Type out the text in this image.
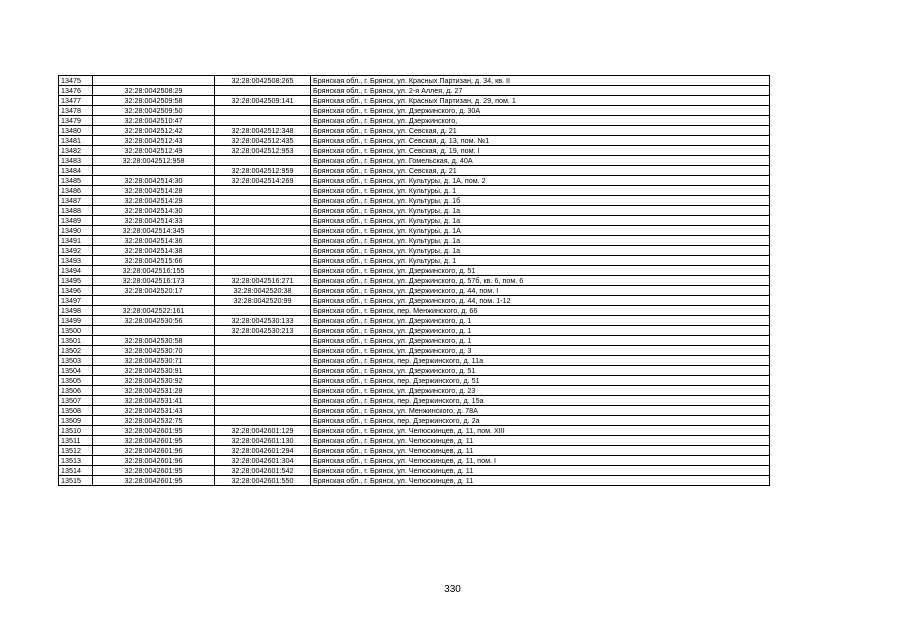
13475		32:28:0042508:265	Брянская обл., г. Брянск, ул. Красных Партизан, д. 34, кв. II
13476	32:28:0042508:29		Брянская обл., г. Брянск, ул. 2-я Аллея, д. 27
13477	32:28:0042509:58	32:28:0042509:141	Брянская обл., г. Брянск, ул. Красных Партизан, д. 29, пом. 1
13478	32:28:0042509:50		Брянская обл., г. Брянск, ул. Дзержинского, д. 30А
13479	32:28:0042510:47		Брянская обл., г. Брянск, ул. Дзержинского,
13480	32:28:0042512:42	32:28:0042512:348	Брянская обл., г. Брянск, ул. Севская, д. 21
13481	32:28:0042512:43	32:28:0042512:435	Брянская обл., г. Брянск, ул. Севская, д. 13, пом. №1
13482	32:28:0042512:49	32:28:0042512:953	Брянская обл., г. Брянск, ул. Севская, д. 19, пом. I
13483	32:28:0042512:958		Брянская обл., г. Брянск, ул. Гомельская, д. 40А
13484		32:28:0042512:959	Брянская обл., г. Брянск, ул. Севская, д. 21
13485	32:28:0042514:30	32:28:0042514:269	Брянская обл., г. Брянск, ул. Культуры, д. 1А, пом. 2
13486	32:28:0042514:28		Брянская обл., г. Брянск, ул. Культуры, д. 1
13487	32:28:0042514:29		Брянская обл., г. Брянск, ул. Культуры, д. 1б
13488	32:28:0042514:30		Брянская обл., г. Брянск, ул. Культуры, д. 1а
13489	32:28:0042514:33		Брянская обл., г. Брянск, ул. Культуры, д. 1а
13490	32:28:0042514:345		Брянская обл., г. Брянск, ул. Культуры, д. 1А
13491	32:28:0042514:36		Брянская обл., г. Брянск, ул. Культуры, д. 1а
13492	32:28:0042514:38		Брянская обл., г. Брянск, ул. Культуры, д. 1а
13493	32:28:0042515:66		Брянская обл., г. Брянск, ул. Культуры, д. 1
13494	32:28:0042516:155		Брянская обл., г. Брянск, ул. Дзержинского, д. 51
13495	32:28:0042516:173	32:28:0042516:271	Брянская обл., г. Брянск, ул. Дзержинского, д. 57б, кв. 6, пом. 6
13496	32:28:0042520:17	32:28:0042520:38	Брянская обл., г. Брянск, ул. Дзержинского, д. 44, пом. I
13497		32:28:0042520:99	Брянская обл., г. Брянск, ул. Дзержинского, д. 44, пом. 1-12
13498	32:28:0042522:161		Брянская обл., г. Брянск, пер. Менжинского, д. 66
13499	32:28:0042530:56	32:28:0042530:133	Брянская обл., г. Брянск, ул. Дзержинского, д. 1
13500		32:28:0042530:213	Брянская обл., г. Брянск, ул. Дзержинского, д. 1
13501	32:28:0042530:58		Брянская обл., г. Брянск, ул. Дзержинского, д. 1
13502	32:28:0042530:70		Брянская обл., г. Брянск, ул. Дзержинского, д. 3
13503	32:28:0042530:71		Брянская обл., г. Брянск, пер. Дзержинского, д. 11а
13504	32:28:0042530:91		Брянская обл., г. Брянск, ул. Дзержинского, д. 51
13505	32:28:0042530:92		Брянская обл., г. Брянск, пер. Дзержинского, д. 51
13506	32:28:0042531:28		Брянская обл., г. Брянск, ул. Дзержинского, д. 23
13507	32:28:0042531:41		Брянская обл., г. Брянск, пер. Дзержинского, д. 15а
13508	32:28:0042531:43		Брянская обл., г. Брянск, ул. Менжинского, д. 78А
13509	32:28:0042532:75		Брянская обл., г. Брянск, пер. Дзержинского, д. 2а
13510	32:28:0042601:95	32:28:0042601:129	Брянская обл., г. Брянск, ул. Челюскинцев, д. 11, пом. XIII
13511	32:28:0042601:95	32:28:0042601:130	Брянская обл., г. Брянск, ул. Челюскинцев, д. 11
13512	32:28:0042601:96	32:28:0042601:294	Брянская обл., г. Брянск, ул. Челюскинцев, д. 11
13513	32:28:0042601:96	32:28:0042601:304	Брянская обл., г. Брянск, ул. Челюскинцев, д. 11, пом. I
13514	32:28:0042601:95	32:28:0042601:542	Брянская обл., г. Брянск, ул. Челюскинцев, д. 11
13515	32:28:0042601:95	32:28:0042601:550	Брянская обл., г. Брянск, ул. Челюскинцев, д. 11
330
